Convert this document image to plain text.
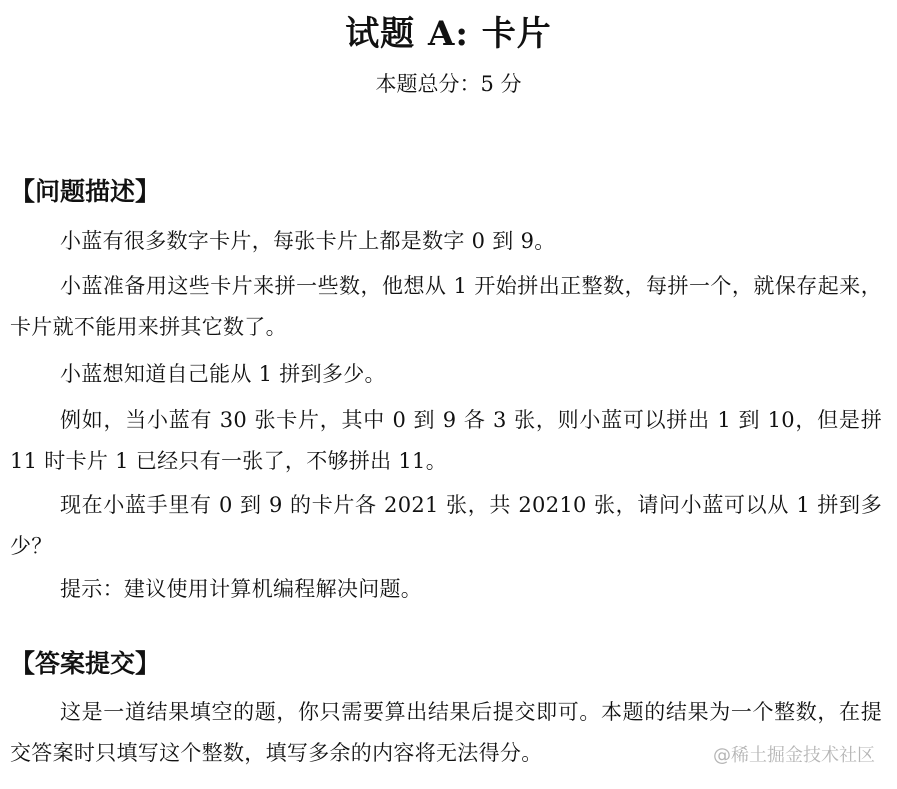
试题 A: 卡片
本题总分：5 分
【问题描述】
小蓝有很多数字卡片，每张卡片上都是数字 0 到 9。
小蓝准备用这些卡片来拼一些数，他想从 1 开始拼出正整数，每拼一个，就保存起来，卡片就不能用来拼其它数了。
小蓝想知道自己能从 1 拼到多少。
例如，当小蓝有 30 张卡片，其中 0 到 9 各 3 张，则小蓝可以拼出 1 到 10，但是拼 11 时卡片 1 已经只有一张了，不够拼出 11。
现在小蓝手里有 0 到 9 的卡片各 2021 张，共 20210 张，请问小蓝可以从 1 拼到多少？
提示：建议使用计算机编程解决问题。
【答案提交】
这是一道结果填空的题，你只需要算出结果后提交即可。本题的结果为一个整数，在提交答案时只填写这个整数，填写多余的内容将无法得分。	@稀土掘金技术社区
